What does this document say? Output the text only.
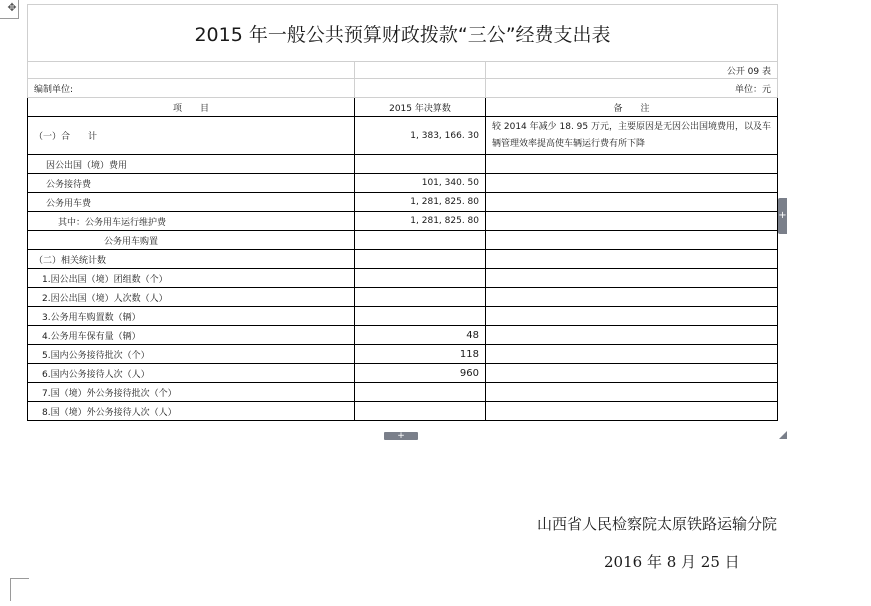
✥
2015 年一般公共预算财政拨款“三公”经费支出表		
		公开 09 表
编制单位:		单位：元
项　　目	2015 年决算数	备　　注
（一）合　　计	1, 383, 166. 30	较 2014 年减少 18. 95 万元，主要原因是无因公出国境费用，以及车辆管理效率提高使车辆运行费有所下降
因公出国（境）费用		
公务接待费	101, 340. 50	
公务用车费	1, 281, 825. 80	
其中：公务用车运行维护费	1, 281, 825. 80	
公务用车购置		
（二）相关统计数		
1.因公出国（境）团组数（个）		
2.因公出国（境）人次数（人）		
3.公务用车购置数（辆）		
4.公务用车保有量（辆）	48	
5.国内公务接待批次（个）	118	
6.国内公务接待人次（人）	960	
7.国（境）外公务接待批次（个）		
8.国（境）外公务接待人次（人）		
+
+
山西省人民检察院太原铁路运输分院
2016 年 8 月 25 日
